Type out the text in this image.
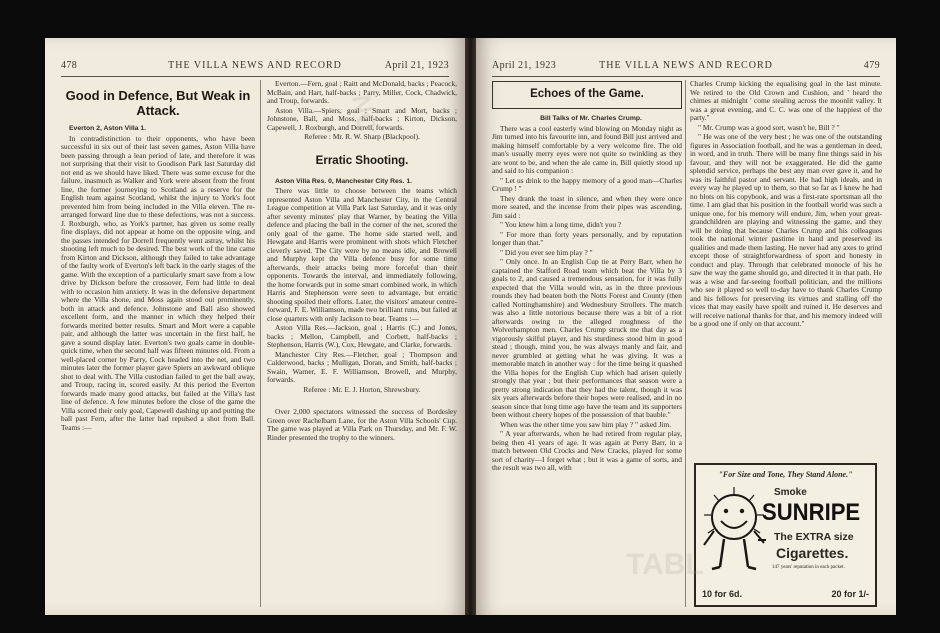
478	THE VILLA NEWS AND RECORD	April 21, 1923
Good in Defence, But Weak in Attack.

Everton 2, Aston Villa 1.

In contradistinction to their opponents, who have been successful in six out of their last seven games, Aston Villa have been passing through a lean period of late, and therefore it was not surprising that their visit to Goodison Park last Saturday did not end as we should have liked. There was some excuse for the failure, inasmuch as Walker and York were absent from the front line, the former journeying to Scotland as a reserve for the English team against Scotland, whilst the injury to York's foot prevented him from being included in the Villa eleven. The re-arranged forward line due to these defections, was not a success. J. Roxburgh, who, as York's partner, has given us some really fine displays, did not appear at home on the opposite wing, and the passes intended for Dorrell frequently went astray, whilst his shooting left much to be desired. The best work of the line came from Kirton and Dickson, although they failed to take advantage of the faulty work of Everton's left back in the early stages of the game. With the exception of a particularly smart save from a low drive by Dickson before the crossover, Fern had little to deal with to occasion him anxiety. It was in the defensive department where the Villa shone, and Moss again stood out prominently, both in attack and defence. Johnstone and Ball also showed excellent form, and the manner in which they helped their forwards merited better results. Smart and Mort were a capable pair, and although the latter was uncertain in the first half, he gave a sound display later. Everton's two goals came in double-quick time, when the second half was fifteen minutes old. From a well-placed corner by Parry, Cock headed into the net, and two minutes later the former player gave Spiers an awkward oblique shot to deal with. The Villa custodian failed to get the ball away, and Troup, racing in, scored easily. At this period the Everton forwards made many good attacks, but failed at the Villa's last line of defence. A few minutes before the close of the game the Villa scored their only goal, Capewell dashing up and putting the ball past Fern, after the latter had repulsed a shot from Ball. Teams :—

Everton.—Fern, goal ; Raitt and McDonald, backs ; Peacock, McBain, and Hart, half-backs ; Parry, Miller, Cock, Chadwick, and Troup, forwards.

Aston Villa.—Spiers, goal ; Smart and Mort, backs ; Johnstone, Ball, and Moss, half-backs ; Kirton, Dickson, Capewell, J. Roxburgh, and Dorrell, forwards.

Referee : Mr. R. W. Sharp (Blackpool).

Erratic Shooting.

Aston Villa Res. 0, Manchester City Res. 1.

There was little to choose between the teams which represented Aston Villa and Manchester City, in the Central League competition at Villa Park last Saturday, and it was only after seventy minutes' play that Warner, by beating the Villa defence and placing the ball in the corner of the net, scored the only goal of the game. The home side started well, and Hewgate and Harris were prominent with shots which Fletcher cleverly saved. The City were by no means idle, and Browell and Murphy kept the Villa defence busy for some time afterwards, their attacks being more forceful than their opponents. Towards the interval, and immediately following, the home forwards put in some smart combined work, in which Harris and Stephenson were seen to advantage, but erratic shooting spoiled their efforts. Later, the visitors' amateur centre-forward, F. E. Williamson, made two brilliant runs, but failed at close quarters with only Jackson to beat. Teams :—

Aston Villa Res.—Jackson, goal ; Harris (C.) and Jones, backs ; Mellon, Campbell, and Corbett, half-backs ; Stephenson, Harris (W.), Cox, Hewgate, and Clarke, forwards.

Manchester City Res.—Fletcher, goal ; Thompson and Calderwood, backs ; Mulligan, Doran, and Smith, half-backs ; Swain, Warner, E. F. Williamson, Browell, and Murphy, forwards.

Referee : Mr. E. J. Horton, Shrewsbury.

Over 2,000 spectators witnessed the success of Bordesley Green over Rachelbarn Lane, for the Aston Villa Schools' Cup. The game was played at Villa Park on Thursday, and Mr. F. W. Rinder presented the trophy to the winners.

NC
April 21, 1923	THE VILLA NEWS AND RECORD	479
Echoes of the Game.

Bill Talks of Mr. Charles Crump.

There was a cool easterly wind blowing on Monday night as Jim turned into his favourite inn, and found Bill just arrived and making himself comfortable by a very welcome fire. The old man's usually merry eyes were not quite so twinkling as they are wont to be, and when the ale came in, Bill quietly stood up and said to his companion :

" Let us drink to the happy memory of a good man—Charles Crump ! "

They drank the toast in silence, and when they were once more seated, and the incense from their pipes was ascending, Jim said :

" You knew him a long time, didn't you ?

" For more than forty years personally, and by reputation longer than that."

" Did you ever see him play ? "

" Only once. In an English Cup tie at Perry Barr, when he captained the Stafford Road team which beat the Villa by 3 goals to 2, and caused a tremendous sensation, for it was fully expected that the Villa would win, as in the three previous rounds they had beaten both the Notts Forest and County (then called Nottinghamshire) and Wednesbury Strollers. The match was also a little notorious because there was a bit of a riot afterwards owing to the alleged roughness of the Wolverhampton men. Charles Crump struck me that day as a vigorously skilful player, and his sturdiness stood him in good stead ; though, mind you, he was always manly and fair, and never grumbled at getting what he was giving. It was a memorable match in another way : for the time being it quashed the Villa hopes for the English Cup which had arisen quietly strongly that year ; but their performances that season were a pretty strong indication that they had the talent, though it was six years afterwards before their hopes were realised, and in no season since that long time ago have the team and its supporters been without cheery hopes of the possession of that bauble."

When was the other time you saw him play ? " asked Jim.

" A year afterwards, when he had retired from regular play, being then 41 years of age. It was again at Perry Barr, in a match between Old Crocks and New Cracks, played for some sort of charity—I forget what ; but it was a game of sorts, and the result was two all, with

Charles Crump kicking the equalising goal in the last minute. We retired to the Old Crown and Cushion, and ' heard the chimes at midnight ' come stealing across the moonlit valley. It was a great evening, and C. C. was one of the happiest of the party."

" Mr. Crump was a good sort, wasn't he, Bill ? "

" He was one of the very best ; he was one of the outstanding figures in Association football, and he was a gentleman in deed, in word, and in truth. There will be many fine things said in his favour, and they will not be exaggerated. He did the game splendid service, perhaps the best any man ever gave it, and he was its faithful pastor and servant. He had high ideals, and in every way he played up to them, so that so far as I knew he had no blots on his copybook, and was a first-rate sportsman all the time. I am glad that his position in the football world was such a unique one, for his memory will endure, Jim, when your great-grandchildren are playing and witnessing the game, and they will be doing that because Charles Crump and his colleagues took the national winter pastime in hand and preserved its qualities and made them lasting. He never had any axes to grind except those of straightforwardness of sport and honesty in conduct and play. Through that celebrated monocle of his he saw the way the game should go, and directed it in that path. He was a wise and far-seeing football politician, and the millions who see it played so well to-day have to thank Charles Crump and his fellows for preserving its virtues and stalling off the vices that may easily have spoilt and ruined it. He deserves and will receive national thanks for that, and his memory indeed will be a good one if only on that account."

"For Size and Tone, They Stand Alone."
Smoke
SUNRIPE
The EXTRA size
Cigarettes.
147 years' reputation in each packet.
10 for 6d.	20 for 1/-
TABL
